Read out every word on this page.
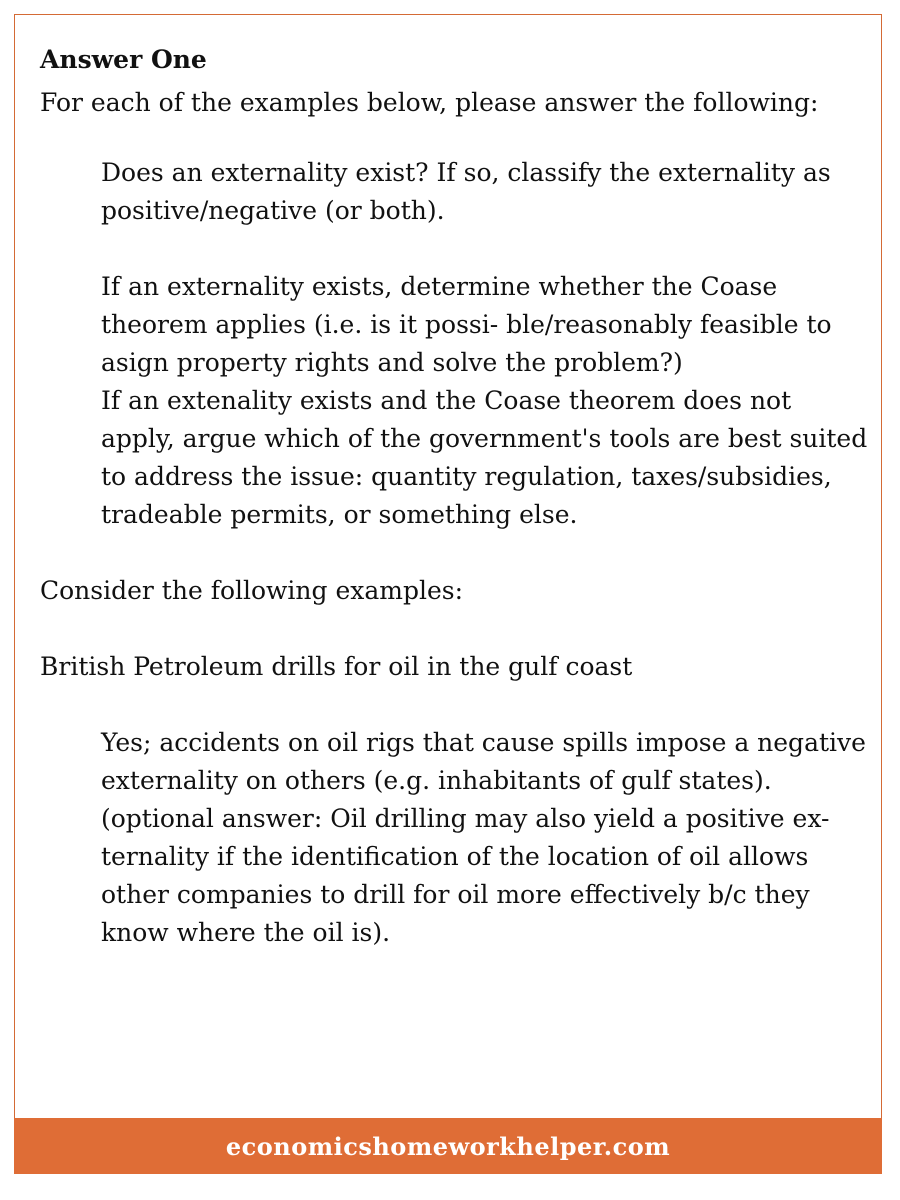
Answer One

For each of the examples below, please answer the following:

Does an externality exist? If so, classify the externality as positive/negative (or both).

If an externality exists, determine whether the Coase theorem applies (i.e. is it possi- ble/reasonably feasible to asign property rights and solve the problem?)

If an extenality exists and the Coase theorem does not apply, argue which of the government's tools are best suited to address the issue: quantity regulation, taxes/subsidies, tradeable permits, or something else.

Consider the following examples:

British Petroleum drills for oil in the gulf coast

Yes; accidents on oil rigs that cause spills impose a negative externality on others (e.g. inhabitants of gulf states). (optional answer: Oil drilling may also yield a positive ex- ternality if the identification of the location of oil allows other companies to drill for oil more effectively b/c they know where the oil is).

economicshomeworkhelper.com
